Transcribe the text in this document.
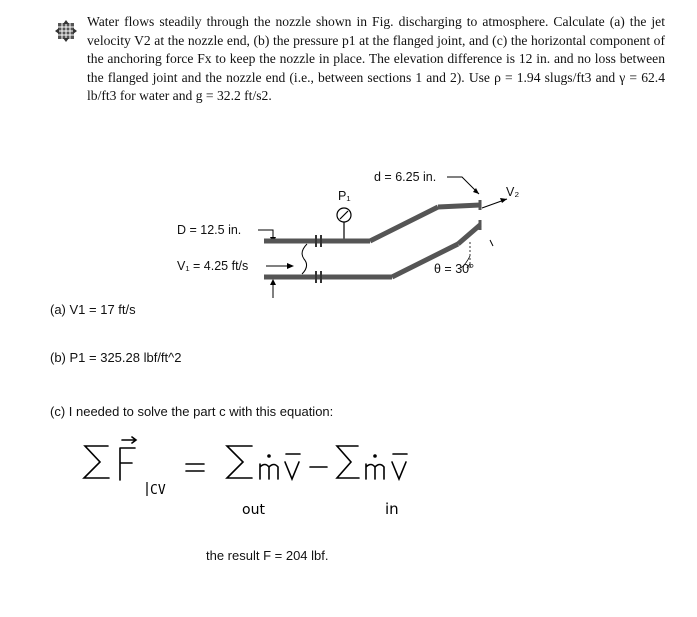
Water flows steadily through the nozzle shown in Fig. discharging to atmosphere. Calculate (a) the jet velocity V2 at the nozzle end, (b) the pressure p1 at the flanged joint, and (c) the horizontal component of the anchoring force Fx to keep the nozzle in place. The elevation difference is 12 in. and no loss between the flanged joint and the nozzle end (i.e., between sections 1 and 2). Use ρ = 1.94 slugs/ft3 and γ = 62.4 lb/ft3 for water and g = 32.2 ft/s2.
d = 6.25 in.
V₂
P₁
D = 12.5 in.
V₁ = 4.25 ft/s	θ = 30°
(a) V1 = 17 ft/s
(b) P1 = 325.28 lbf/ft^2
(c) I needed to solve the part c with this equation:
CV
out	in
the result F = 204 lbf.
